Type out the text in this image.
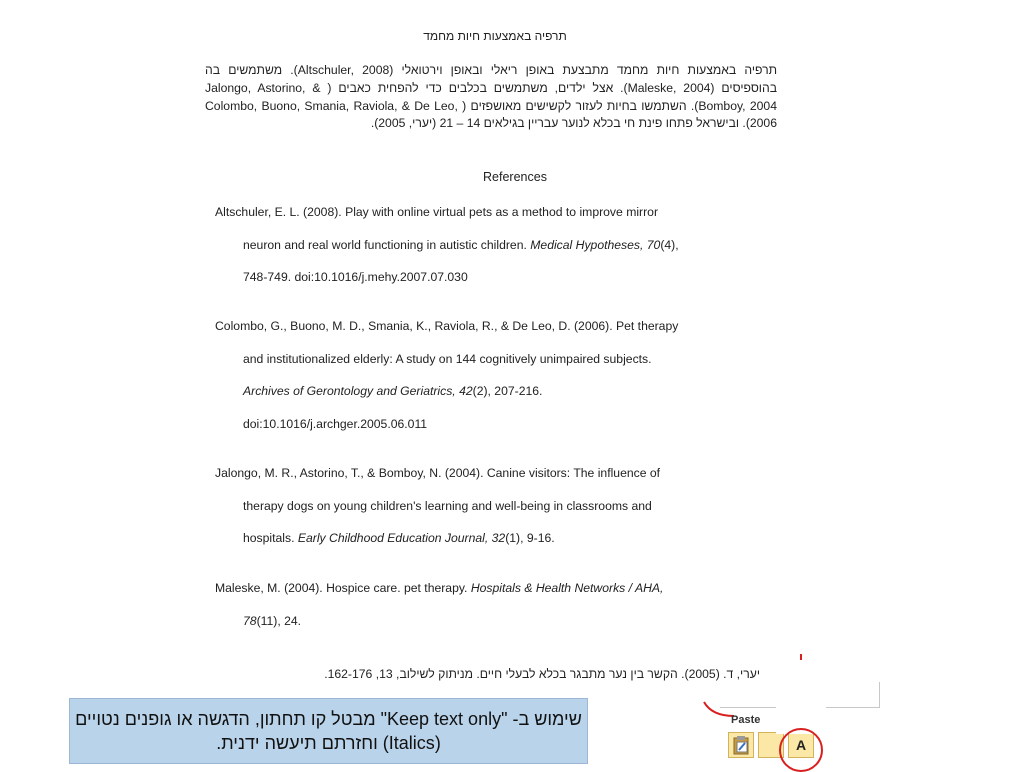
תרפיה באמצעות חיות מחמד
תרפיה באמצעות חיות מחמד מתבצעת באופן ריאלי ובאופן וירטואלי (Altschuler, 2008). משתמשים בה בהוספיסים (Maleske, 2004). אצל ילדים, משתמשים בכלבים כדי להפחית כאבים ( Jalongo, Astorino, & Bomboy, 2004). השתמשו בחיות לעזור לקשישים מאושפזים ( Colombo, Buono, Smania, Raviola, & De Leo, 2006). ובישראל פתחו פינת חי בכלא לנוער עבריין בגילאים 14 – 21 (יערי, 2005).
References
Altschuler, E. L. (2008). Play with online virtual pets as a method to improve mirror
neuron and real world functioning in autistic children. Medical Hypotheses, 70(4),
748-749. doi:10.1016/j.mehy.2007.07.030
Colombo, G., Buono, M. D., Smania, K., Raviola, R., & De Leo, D. (2006). Pet therapy
and institutionalized elderly: A study on 144 cognitively unimpaired subjects.
Archives of Gerontology and Geriatrics, 42(2), 207-216.
doi:10.1016/j.archger.2005.06.011
Jalongo, M. R., Astorino, T., & Bomboy, N. (2004). Canine visitors: The influence of
therapy dogs on young children's learning and well-being in classrooms and
hospitals. Early Childhood Education Journal, 32(1), 9-16.
Maleske, M. (2004). Hospice care. pet therapy. Hospitals & Health Networks / AHA,
78(11), 24.
יערי, ד. (2005). הקשר בין נער מתבגר בכלא לבעלי חיים. מניתוק לשילוב, 13, 162-176.
Paste
A
שימוש ב- "Keep text only" מבטל קו תחתון, הדגשה או גופנים נטויים (Italics) וחזרתם תיעשה ידנית.
